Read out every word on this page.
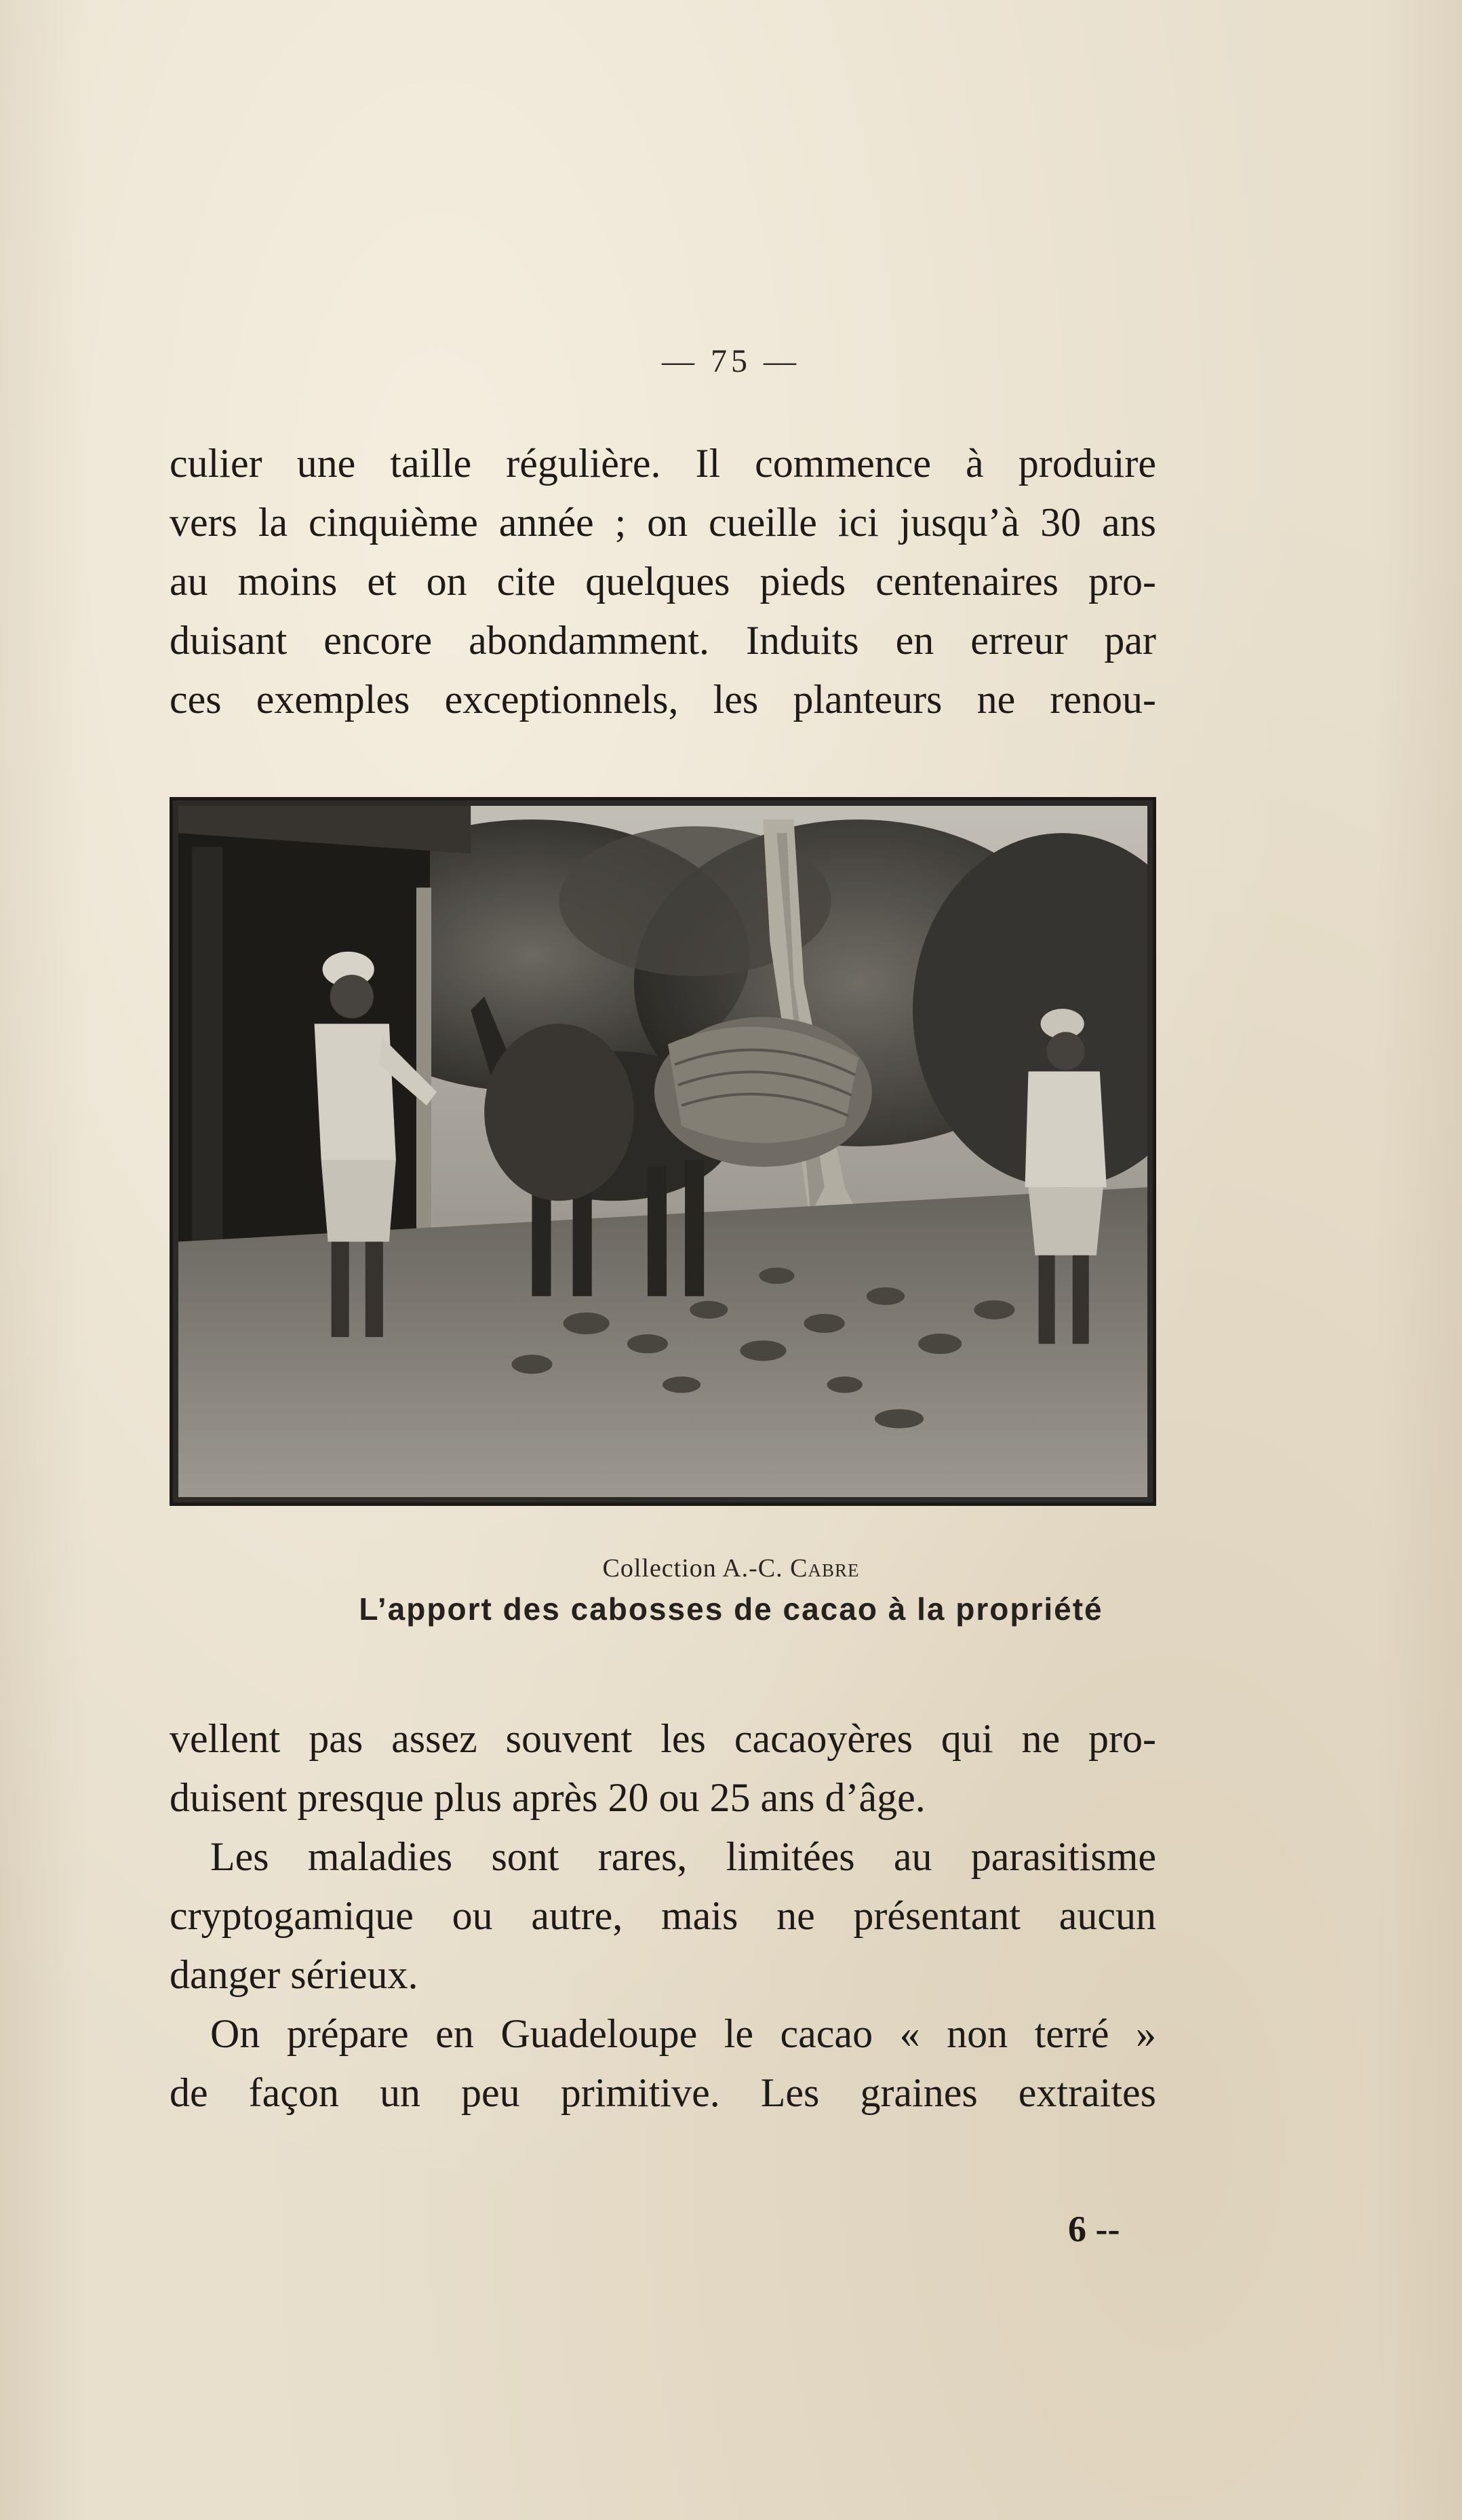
— 75 —
culier une taille régulière. Il commence à produire
vers la cinquième année ; on cueille ici jusqu’à 30 ans
au moins et on cite quelques pieds centenaires pro-
duisant encore abondamment. Induits en erreur par
ces exemples exceptionnels, les planteurs ne renou-
Collection A.-C. Cabre
L’apport des cabosses de cacao à la propriété
vellent pas assez souvent les cacaoyères qui ne pro-
duisent presque plus après 20 ou 25 ans d’âge.
Les maladies sont rares, limitées au parasitisme
cryptogamique ou autre, mais ne présentant aucun
danger sérieux.
On prépare en Guadeloupe le cacao « non terré »
de façon un peu primitive. Les graines extraites
6 --
